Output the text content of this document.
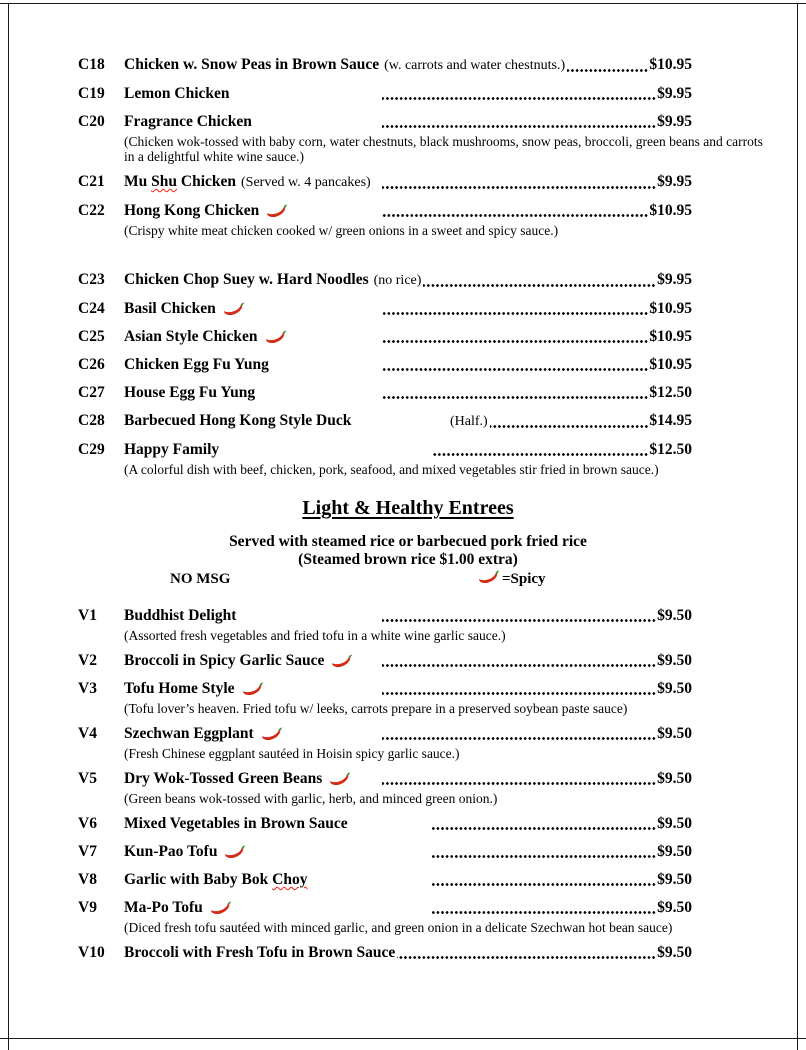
C18	Chicken w. Snow Peas in Brown Sauce (w. carrots and water chestnuts.)	$10.95
C19	Lemon Chicken	$9.95
C20	Fragrance Chicken	$9.95
(Chicken wok-tossed with baby corn, water chestnuts, black mushrooms, snow peas, broccoli, green beans and carrots in a delightful white wine sauce.)
C21	Mu Shu Chicken (Served w. 4 pancakes)	$9.95
C22	Hong Kong Chicken	$10.95
(Crispy white meat chicken cooked w/ green onions in a sweet and spicy sauce.)
C23	Chicken Chop Suey w. Hard Noodles (no rice)	$9.95
C24	Basil Chicken	$10.95
C25	Asian Style Chicken	$10.95
C26	Chicken Egg Fu Yung	$10.95
C27	House Egg Fu Yung	$12.50
C28	Barbecued Hong Kong Style Duck	(Half.)	$14.95
C29	Happy Family	$12.50
(A colorful dish with beef, chicken, pork, seafood, and mixed vegetables stir fried in brown sauce.)
Light & Healthy Entrees
Served with steamed rice or barbecued pork fried rice
(Steamed brown rice $1.00 extra)
NO MSG	=Spicy
V1	Buddhist Delight	$9.50
(Assorted fresh vegetables and fried tofu in a white wine garlic sauce.)
V2	Broccoli in Spicy Garlic Sauce	$9.50
V3	Tofu Home Style	$9.50
(Tofu lover’s heaven. Fried tofu w/ leeks, carrots prepare in a preserved soybean paste sauce)
V4	Szechwan Eggplant	$9.50
(Fresh Chinese eggplant sautéed in Hoisin spicy garlic sauce.)
V5	Dry Wok-Tossed Green Beans	$9.50
(Green beans wok-tossed with garlic, herb, and minced green onion.)
V6	Mixed Vegetables in Brown Sauce	$9.50
V7	Kun-Pao Tofu	$9.50
V8	Garlic with Baby Bok Choy	$9.50
V9	Ma-Po Tofu	$9.50
(Diced fresh tofu sautéed with minced garlic, and green onion in a delicate Szechwan hot bean sauce)
V10	Broccoli with Fresh Tofu in Brown Sauce	$9.50
